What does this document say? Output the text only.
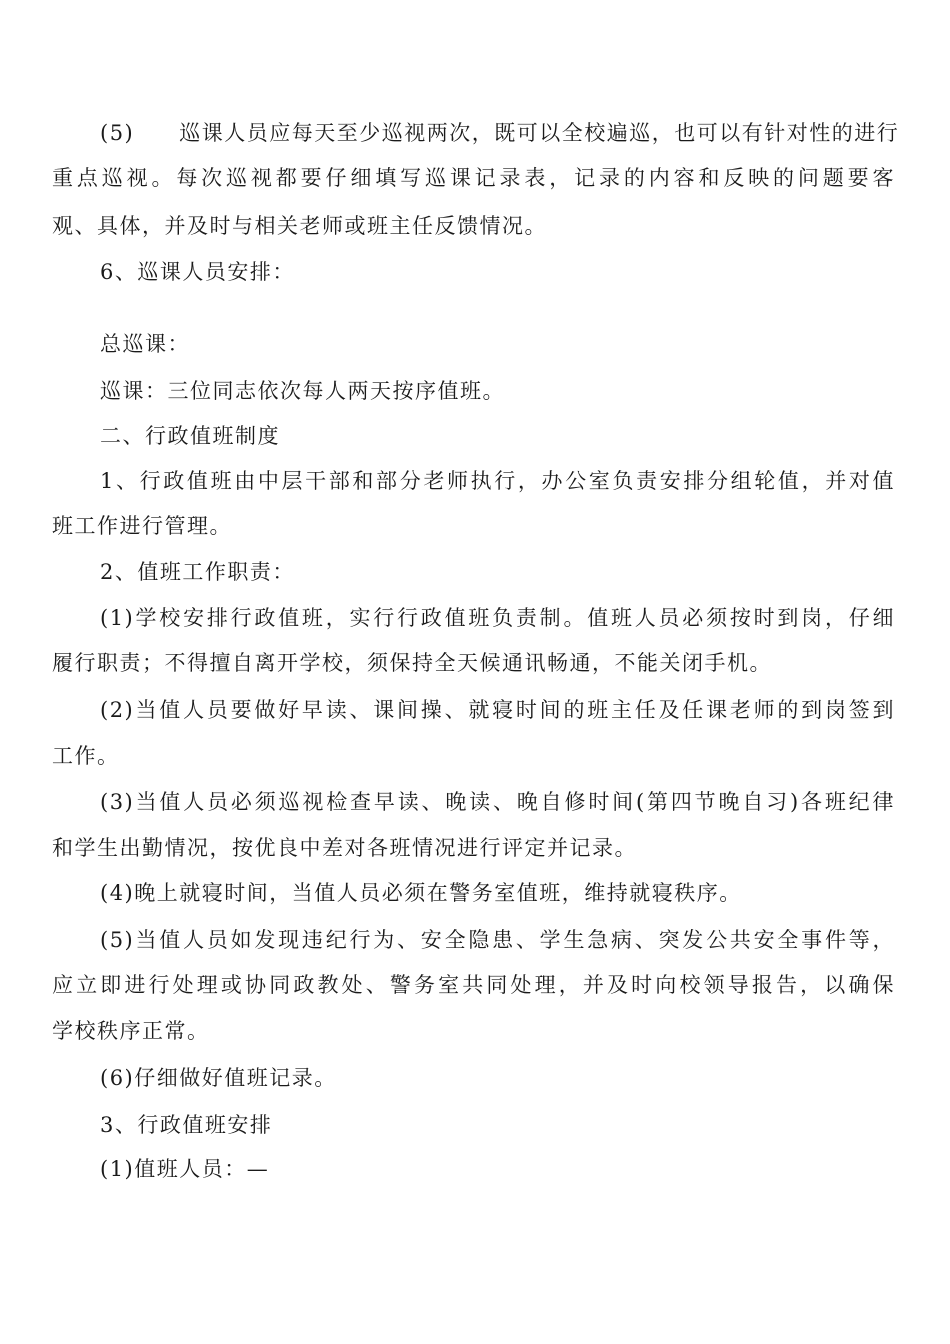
(5)　　巡课人员应每天至少巡视两次，既可以全校遍巡，也可以有针对性的进行
重点巡视。每次巡视都要仔细填写巡课记录表，记录的内容和反映的问题要客
观、具体，并及时与相关老师或班主任反馈情况。
6、巡课人员安排：
总巡课：
巡课：三位同志依次每人两天按序值班。
二、行政值班制度
1、行政值班由中层干部和部分老师执行，办公室负责安排分组轮值，并对值
班工作进行管理。
2、值班工作职责：
(1)学校安排行政值班，实行行政值班负责制。值班人员必须按时到岗，仔细
履行职责；不得擅自离开学校，须保持全天候通讯畅通，不能关闭手机。
(2)当值人员要做好早读、课间操、就寝时间的班主任及任课老师的到岗签到
工作。
(3)当值人员必须巡视检查早读、晚读、晚自修时间(第四节晚自习)各班纪律
和学生出勤情况，按优良中差对各班情况进行评定并记录。
(4)晚上就寝时间，当值人员必须在警务室值班，维持就寝秩序。
(5)当值人员如发现违纪行为、安全隐患、学生急病、突发公共安全事件等，
应立即进行处理或协同政教处、警务室共同处理，并及时向校领导报告，以确保
学校秩序正常。
(6)仔细做好值班记录。
3、行政值班安排
(1)值班人员：—
